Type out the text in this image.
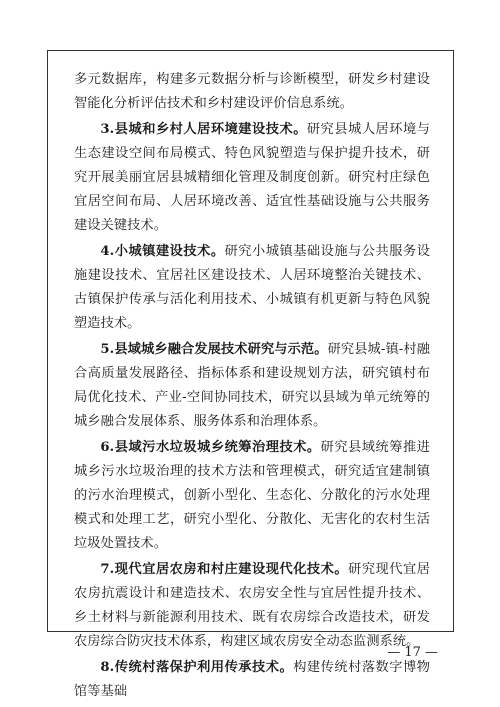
多元数据库，构建多元数据分析与诊断模型，研发乡村建设智能化分析评估技术和乡村建设评价信息系统。

3.县城和乡村人居环境建设技术。研究县城人居环境与生态建设空间布局模式、特色风貌塑造与保护提升技术，研究开展美丽宜居县城精细化管理及制度创新。研究村庄绿色宜居空间布局、人居环境改善、适宜性基础设施与公共服务建设关键技术。

4.小城镇建设技术。研究小城镇基础设施与公共服务设施建设技术、宜居社区建设技术、人居环境整治关键技术、古镇保护传承与活化利用技术、小城镇有机更新与特色风貌塑造技术。

5.县域城乡融合发展技术研究与示范。研究县城-镇-村融合高质量发展路径、指标体系和建设规划方法，研究镇村布局优化技术、产业-空间协同技术，研究以县域为单元统筹的城乡融合发展体系、服务体系和治理体系。

6.县域污水垃圾城乡统筹治理技术。研究县域统筹推进城乡污水垃圾治理的技术方法和管理模式，研究适宜建制镇的污水治理模式，创新小型化、生态化、分散化的污水处理模式和处理工艺，研究小型化、分散化、无害化的农村生活垃圾处置技术。

7.现代宜居农房和村庄建设现代化技术。研究现代宜居农房抗震设计和建造技术、农房安全性与宜居性提升技术、乡土材料与新能源利用技术、既有农房综合改造技术，研发农房综合防灾技术体系，构建区域农房安全动态监测系统。

8.传统村落保护利用传承技术。构建传统村落数字博物馆等基础

— 17 —
